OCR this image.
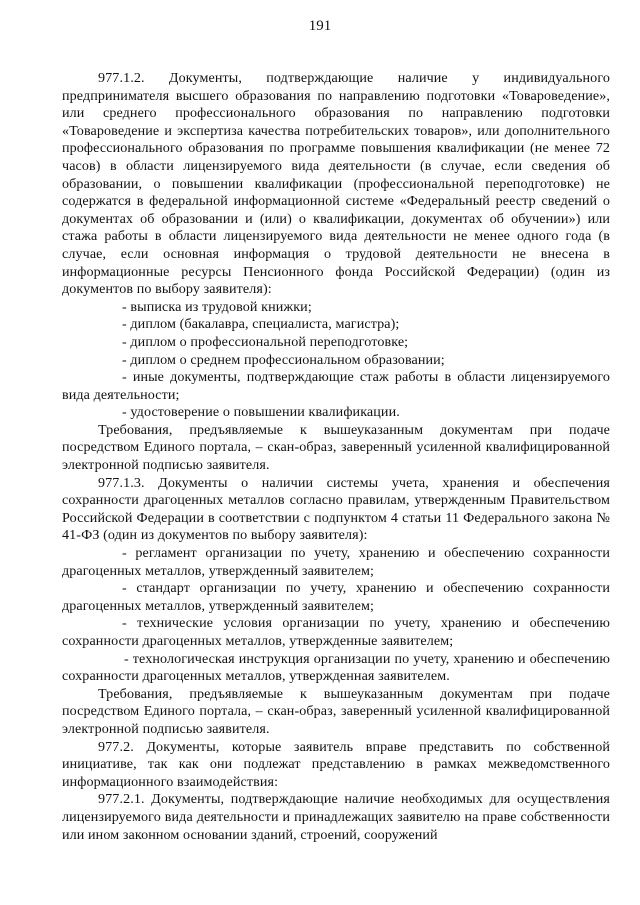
191

977.1.2. Документы, подтверждающие наличие у индивидуального предпринимателя высшего образования по направлению подготовки «Товароведение», или среднего профессионального образования по направлению подготовки «Товароведение и экспертиза качества потребительских товаров», или дополнительного профессионального образования по программе повышения квалификации (не менее 72 часов) в области лицензируемого вида деятельности (в случае, если сведения об образовании, о повышении квалификации (профессиональной переподготовке) не содержатся в федеральной информационной системе «Федеральный реестр сведений о документах об образовании и (или) о квалификации, документах об обучении») или стажа работы в области лицензируемого вида деятельности не менее одного года (в случае, если основная информация о трудовой деятельности не внесена в информационные ресурсы Пенсионного фонда Российской Федерации) (один из документов по выбору заявителя):

- выписка из трудовой книжки;

- диплом (бакалавра, специалиста, магистра);

- диплом о профессиональной переподготовке;

- диплом о среднем профессиональном образовании;

- иные документы, подтверждающие стаж работы в области лицензируемого вида деятельности;

- удостоверение о повышении квалификации.

Требования, предъявляемые к вышеуказанным документам при подаче посредством Единого портала, – скан-образ, заверенный усиленной квалифицированной электронной подписью заявителя.

977.1.3. Документы о наличии системы учета, хранения и обеспечения сохранности драгоценных металлов согласно правилам, утвержденным Правительством Российской Федерации в соответствии с подпунктом 4 статьи 11 Федерального закона № 41-ФЗ (один из документов по выбору заявителя):

- регламент организации по учету, хранению и обеспечению сохранности драгоценных металлов, утвержденный заявителем;

- стандарт организации по учету, хранению и обеспечению сохранности драгоценных металлов, утвержденный заявителем;

- технические условия организации по учету, хранению и обеспечению сохранности драгоценных металлов, утвержденные заявителем;

- технологическая инструкция организации по учету, хранению и обеспечению сохранности драгоценных металлов, утвержденная заявителем.

Требования, предъявляемые к вышеуказанным документам при подаче посредством Единого портала, – скан-образ, заверенный усиленной квалифицированной электронной подписью заявителя.

977.2. Документы, которые заявитель вправе представить по собственной инициативе, так как они подлежат представлению в рамках межведомственного информационного взаимодействия:

977.2.1. Документы, подтверждающие наличие необходимых для осуществления лицензируемого вида деятельности и принадлежащих заявителю на праве собственности или ином законном основании зданий, строений, сооружений
